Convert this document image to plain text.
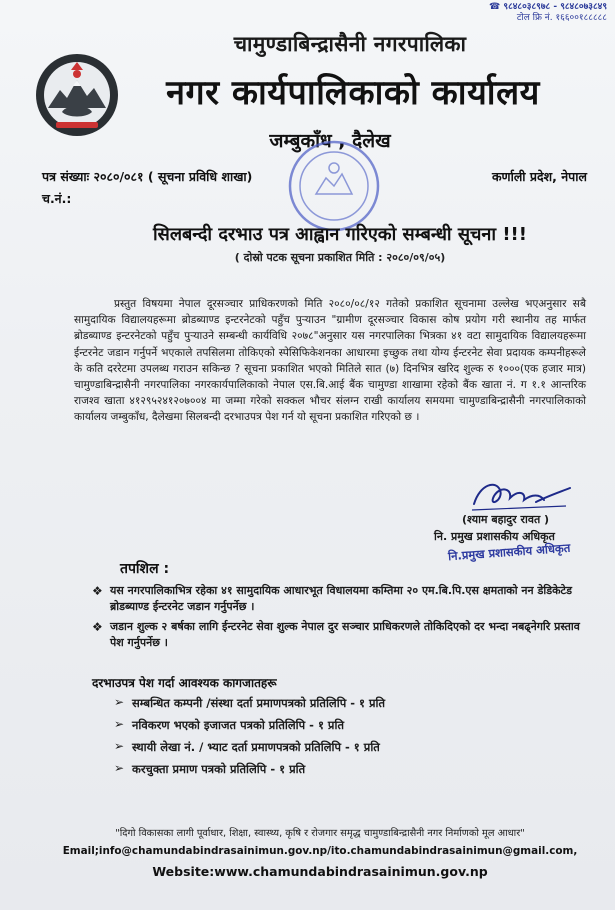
☎ ९८४८०३८९७८ - ९८४८०७३८४९
टोल फ्रि नं. १६६००१८८८८८
चामुण्डाबिन्द्रासैनी नगरपालिका
नगर कार्यपालिकाको कार्यालय
जम्बुकाँध , दैलेख
पत्र संख्याः २०८०/०८१ ( सूचना प्रविधि शाखा)	कर्णाली प्रदेश, नेपाल
च.नं.:
सिलबन्दी दरभाउ पत्र आह्वान गरिएको सम्बन्धी सूचना !!!
( दोस्रो पटक सूचना प्रकाशित मिति : २०८०/०९/०५)
प्रस्तुत विषयमा नेपाल दूरसञ्चार प्राधिकरणको मिति २०८०/०८/१२ गतेको प्रकाशित सूचनामा उल्लेख भएअनुसार सबै सामुदायिक विद्यालयहरूमा ब्रोडब्याण्ड इन्टरनेटको पहुँच पुऱ्याउन "ग्रामीण दूरसञ्चार विकास कोष प्रयोग गरी स्थानीय तह मार्फत ब्रोडब्याण्ड इन्टरनेटको पहुँच पुऱ्याउने सम्बन्धी कार्यविधि २०७८"अनुसार यस नगरपालिका भित्रका ४१ वटा सामुदायिक विद्यालयहरूमा ईन्टरनेट जडान गर्नुपर्ने भएकाले तपसिलमा तोकिएको स्पेसिफिकेशनका आधारमा इच्छुक तथा योग्य ईन्टरनेट सेवा प्रदायक कम्पनीहरूले के कति दररेटमा उपलब्ध गराउन सकिन्छ ? सूचना प्रकाशित भएको मितिले सात (७) दिनभित्र खरिद शुल्क रु १०००(एक हजार मात्र) चामुण्डाबिन्द्रासैनी नगरपालिका नगरकार्यपालिकाको नेपाल एस.बि.आई बैंक चामुण्डा शाखामा रहेको बैंक खाता नं. ग १.१ आन्तरिक राजश्व खाता ४१२९५२४१२०७००४ मा जम्मा गरेको सक्कल भौचर संलग्न राखी कार्यालय समयमा चामुण्डाबिन्द्रासैनी नगरपालिकाको कार्यालय जम्बुकाँध, दैलेखमा सिलबन्दी दरभाउपत्र पेश गर्न यो सूचना प्रकाशित गरिएको छ ।
(श्याम बहादुर रावत )
नि. प्रमुख प्रशासकीय अधिकृत
नि.प्रमुख प्रशासकीय अधिकृत
तपशिल :
❖ यस नगरपालिकाभित्र रहेका ४१ सामुदायिक आधारभूत विधालयमा कम्तिमा २० एम.बि.पि.एस क्षमताको नन डेडिकेटेड ब्रोडब्याण्ड ईन्टरनेट जडान गर्नुपर्नेछ ।
❖ जडान शुल्क २ बर्षका लागि ईन्टरनेट सेवा शुल्क नेपाल दुर सञ्चार प्राधिकरणले तोकिदिएको दर भन्दा नबढ्नेगरि प्रस्ताव पेश गर्नुपर्नेछ ।
दरभाउपत्र पेश गर्दा आवश्यक कागजातहरू
➢ सम्बन्धित कम्पनी /संस्था दर्ता प्रमाणपत्रको प्रतिलिपि - १ प्रति
➢ नविकरण भएको इजाजत पत्रको प्रतिलिपि - १ प्रति
➢ स्थायी लेखा नं. / भ्याट दर्ता प्रमाणपत्रको प्रतिलिपि - १ प्रति
➢ करचुक्ता प्रमाण पत्रको प्रतिलिपि - १ प्रति
"दिगो विकासका लागी पूर्वाधार, शिक्षा, स्वास्थ्य, कृषि र रोजगार समृद्ध चामुण्डाबिन्द्रासैनी नगर निर्माणको मूल आधार"
Email;info@chamundabindrasainimun.gov.np/ito.chamundabindrasainimun@gmail.com,
Website:www.chamundabindrasainimun.gov.np
